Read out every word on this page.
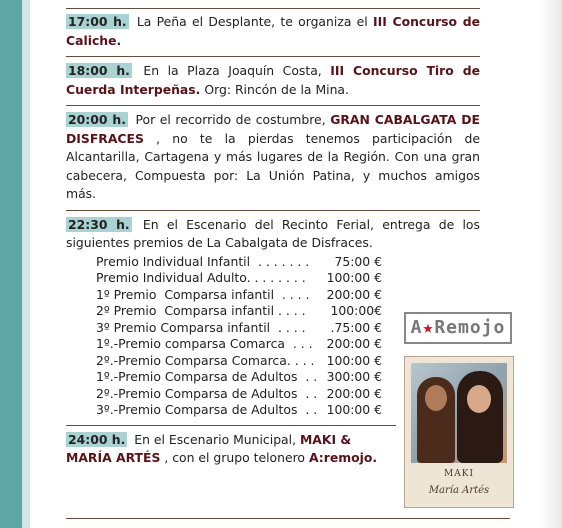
17:00 h. La Peña el Desplante, te organiza el III Concurso de Caliche.
18:00 h. En la Plaza Joaquín Costa, III Concurso Tiro de Cuerda Interpeñas. Org: Rincón de la Mina.
20:00 h. Por el recorrido de costumbre, GRAN CABALGATA DE DISFRACES , no te la pierdas tenemos participación de Alcantarilla, Cartagena y más lugares de la Región. Con una gran cabecera, Compuesta por: La Unión Patina, y muchos amigos más.
22:30 h. En el Escenario del Recinto Ferial, entrega de los siguientes premios de La Cabalgata de Disfraces.
Premio Individual Infantil  . . . . . . .	75:00 €
Premio Individual Adulto. . . . . . . .	100:00 €
1º Premio  Comparsa infantil  . . . .	200:00 €
2º Premio  Comparsa infantil . . . .	100:00€
3º Premio Comparsa infantil  . . . .	.75:00 €
1º.-Premio comparsa Comarca  . . .	200:00 €
2º.-Premio Comparsa Comarca. . . . 100:00 €
1º.-Premio Comparsa de Adultos  . . 300:00 €
2º.-Premio Comparsa de Adultos  . . 200:00 €
3º.-Premio Comparsa de Adultos  . . 100:00 €
24:00 h. En el Escenario Municipal, MAKI & MARÍA ARTÉS , con el grupo telonero A:remojo.
A★Remojo
MAKI
María Artés
